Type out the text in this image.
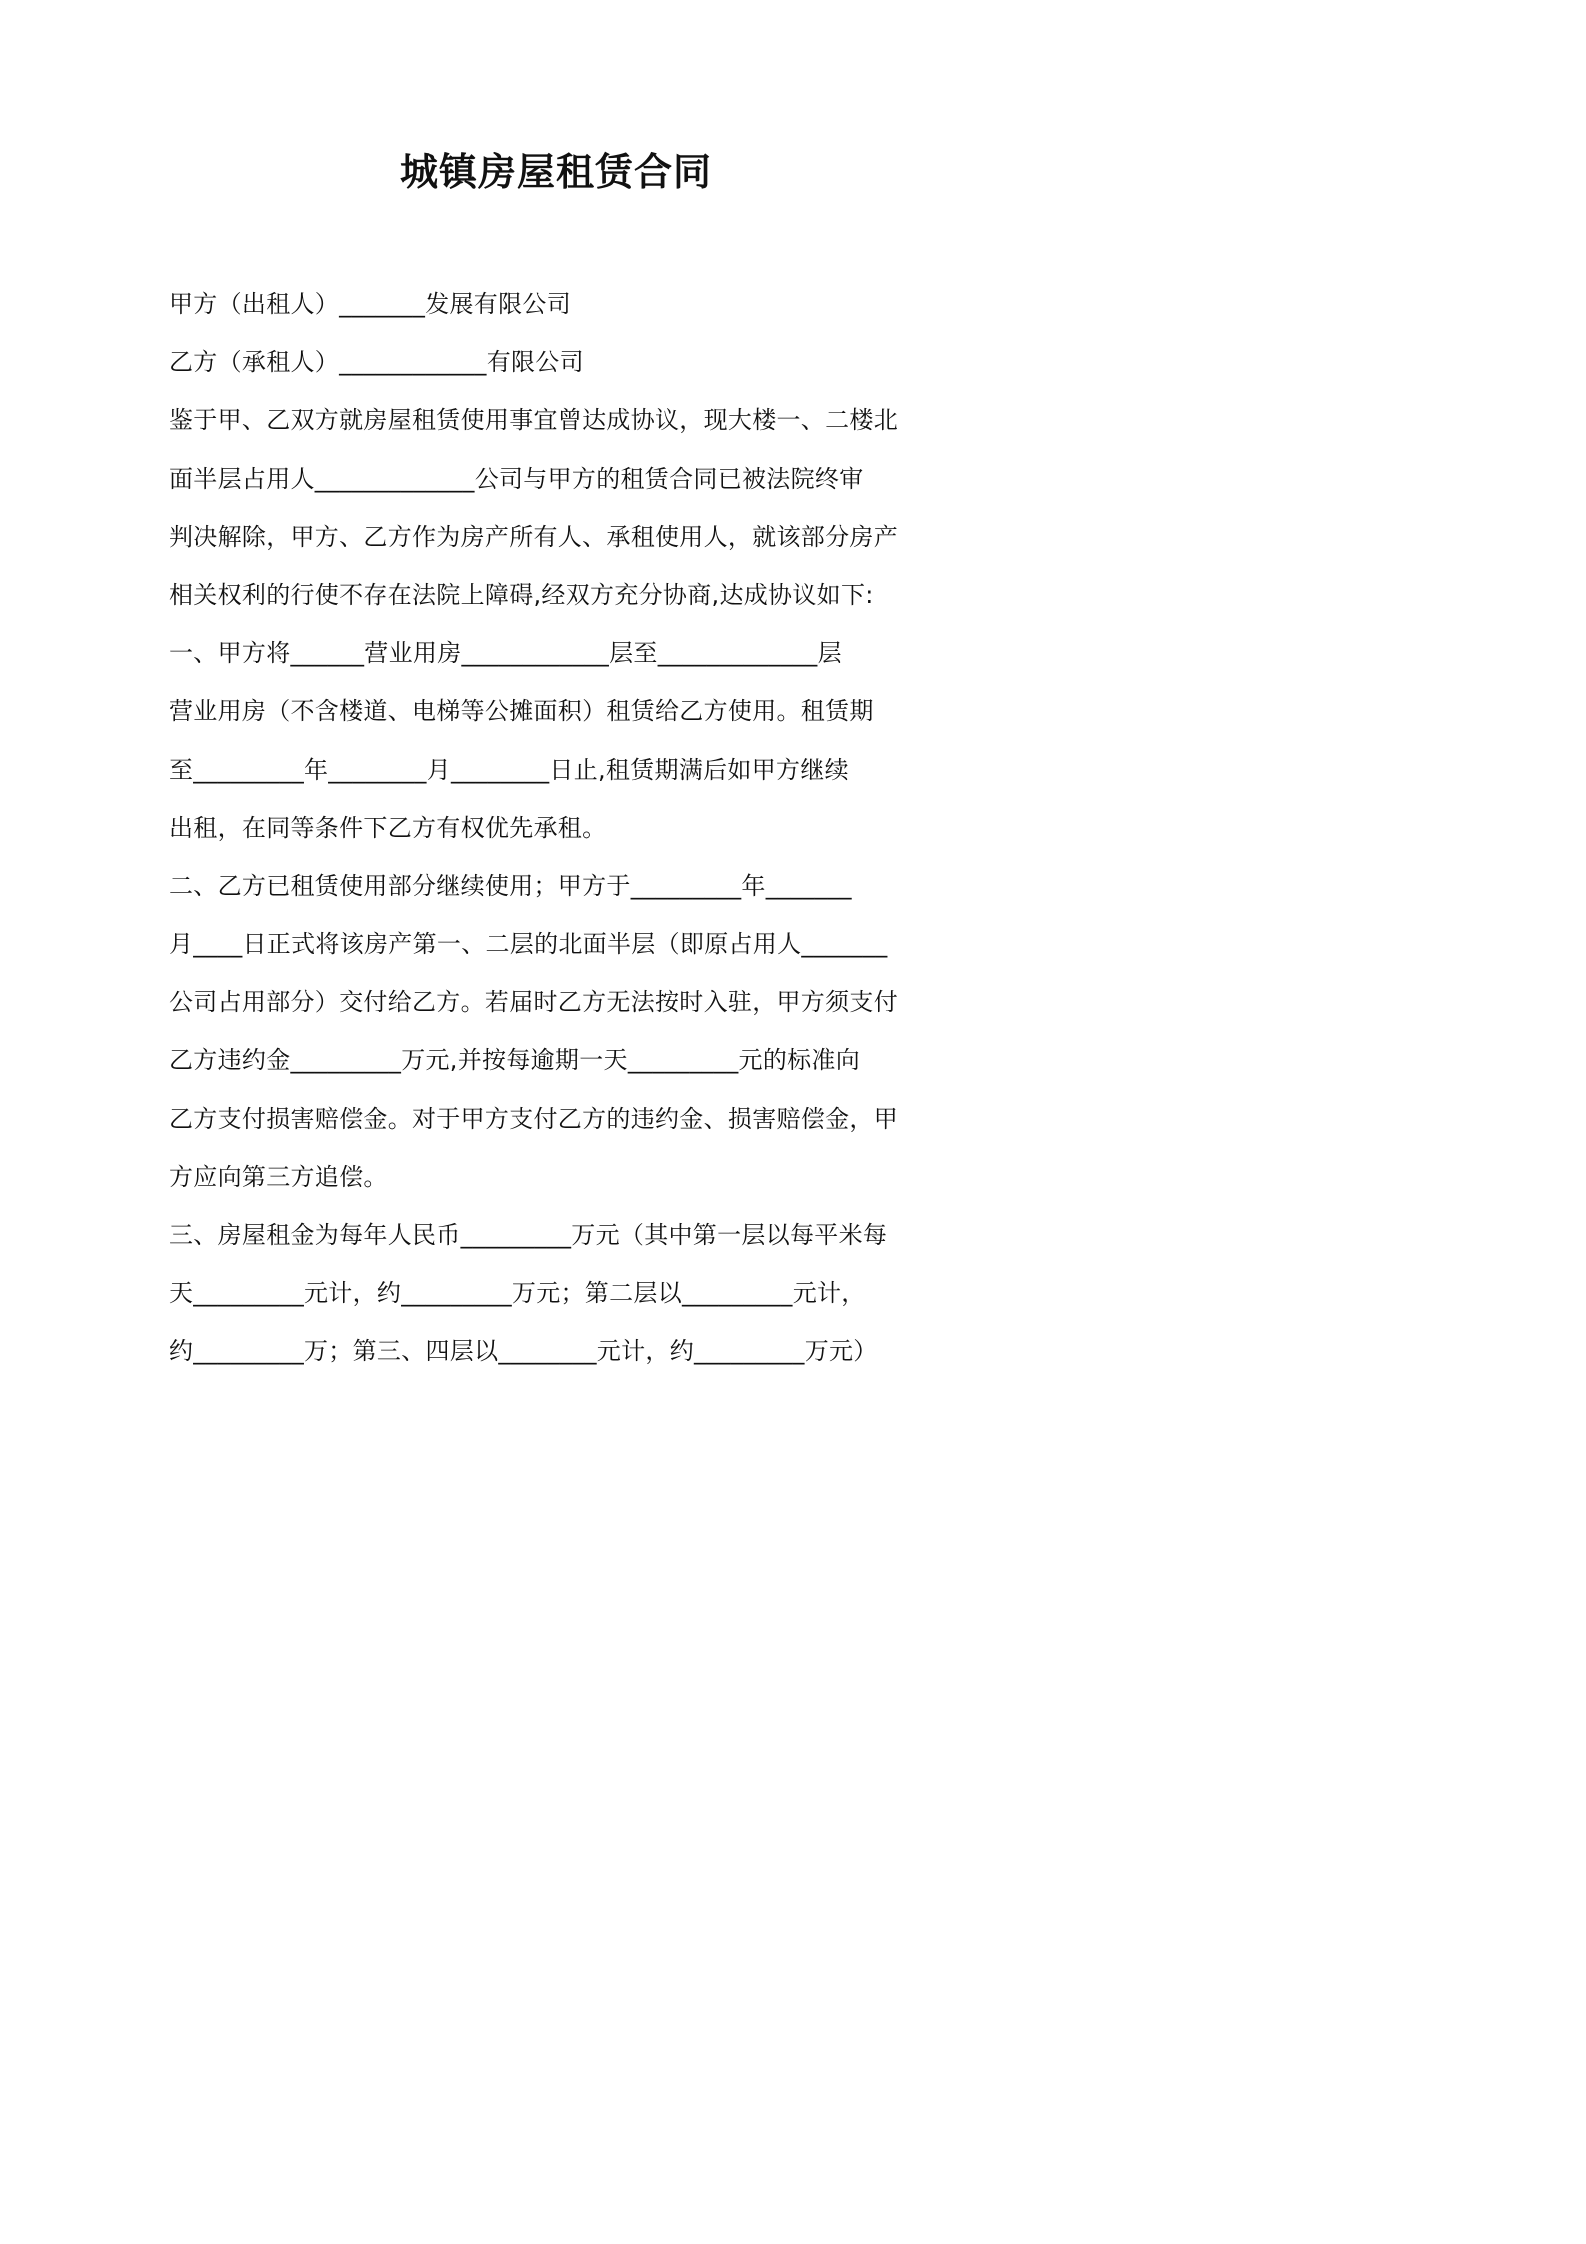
城镇房屋租赁合同
甲方（出租人）_______发展有限公司
乙方（承租人）____________有限公司
鉴于甲、乙双方就房屋租赁使用事宜曾达成协议，现大楼一、二楼北
面半层占用人_____________公司与甲方的租赁合同已被法院终审
判决解除，甲方、乙方作为房产所有人、承租使用人，就该部分房产
相关权利的行使不存在法院上障碍,经双方充分协商,达成协议如下:
一、甲方将______营业用房____________层至_____________层
营业用房（不含楼道、电梯等公摊面积）租赁给乙方使用。租赁期
至_________年________月________日止,租赁期满后如甲方继续
出租，在同等条件下乙方有权优先承租。
二、乙方已租赁使用部分继续使用；甲方于_________年_______
月____日正式将该房产第一、二层的北面半层（即原占用人_______
公司占用部分）交付给乙方。若届时乙方无法按时入驻，甲方须支付
乙方违约金_________万元,并按每逾期一天_________元的标准向
乙方支付损害赔偿金。对于甲方支付乙方的违约金、损害赔偿金，甲
方应向第三方追偿。
三、房屋租金为每年人民币_________万元（其中第一层以每平米每
天_________元计，约_________万元；第二层以_________元计，
约_________万；第三、四层以________元计，约_________万元）
